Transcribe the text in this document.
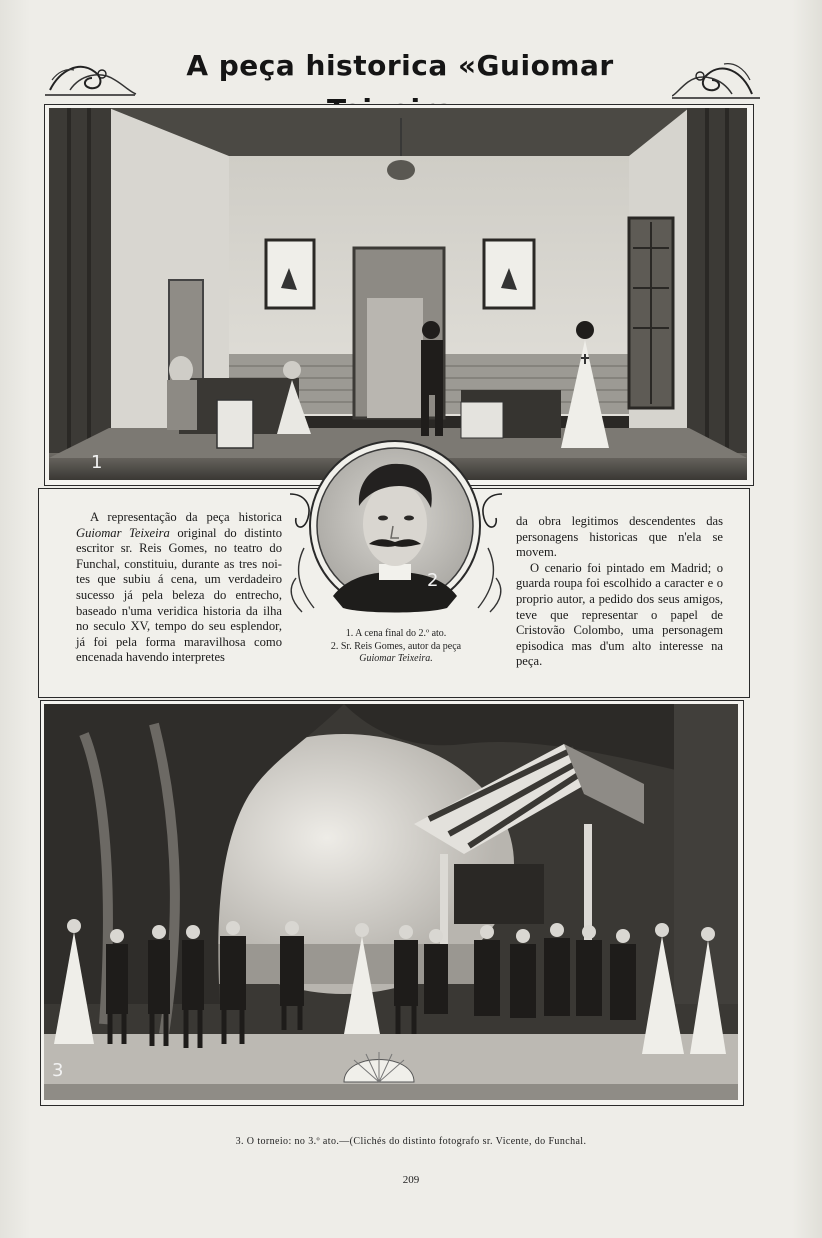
A peça historica «Guiomar
1

A representação da peça historica Guiomar Teixeira original do distinto escritor sr. Reis Gomes, no teatro do Funchal, constituiu, durante as tres noites que subiu á cena, um verdadeiro sucesso já pela beleza do entrecho, baseado n'uma veridica historia da ilha no seculo XV, tempo do seu esplendor, já foi pela forma maravilhosa como encenada havendo interpretes

da obra legitimos descendentes das personagens historicas que n'ela se movem.

O cenario foi pintado em Madrid; o guarda roupa foi escolhido a caracter e o proprio autor, a pedido dos seus amigos, teve que representar o papel de Cristovão Colombo, uma personagem episodica mas d'um alto interesse na peça.

2
1. A cena final do 2.º ato.
2. Sr. Reis Gomes, autor da peça
Guiomar Teixeira.
3
3. O torneio: no 3.º ato.—(Clichés do distinto fotografo sr. Vicente, do Funchal.
209
